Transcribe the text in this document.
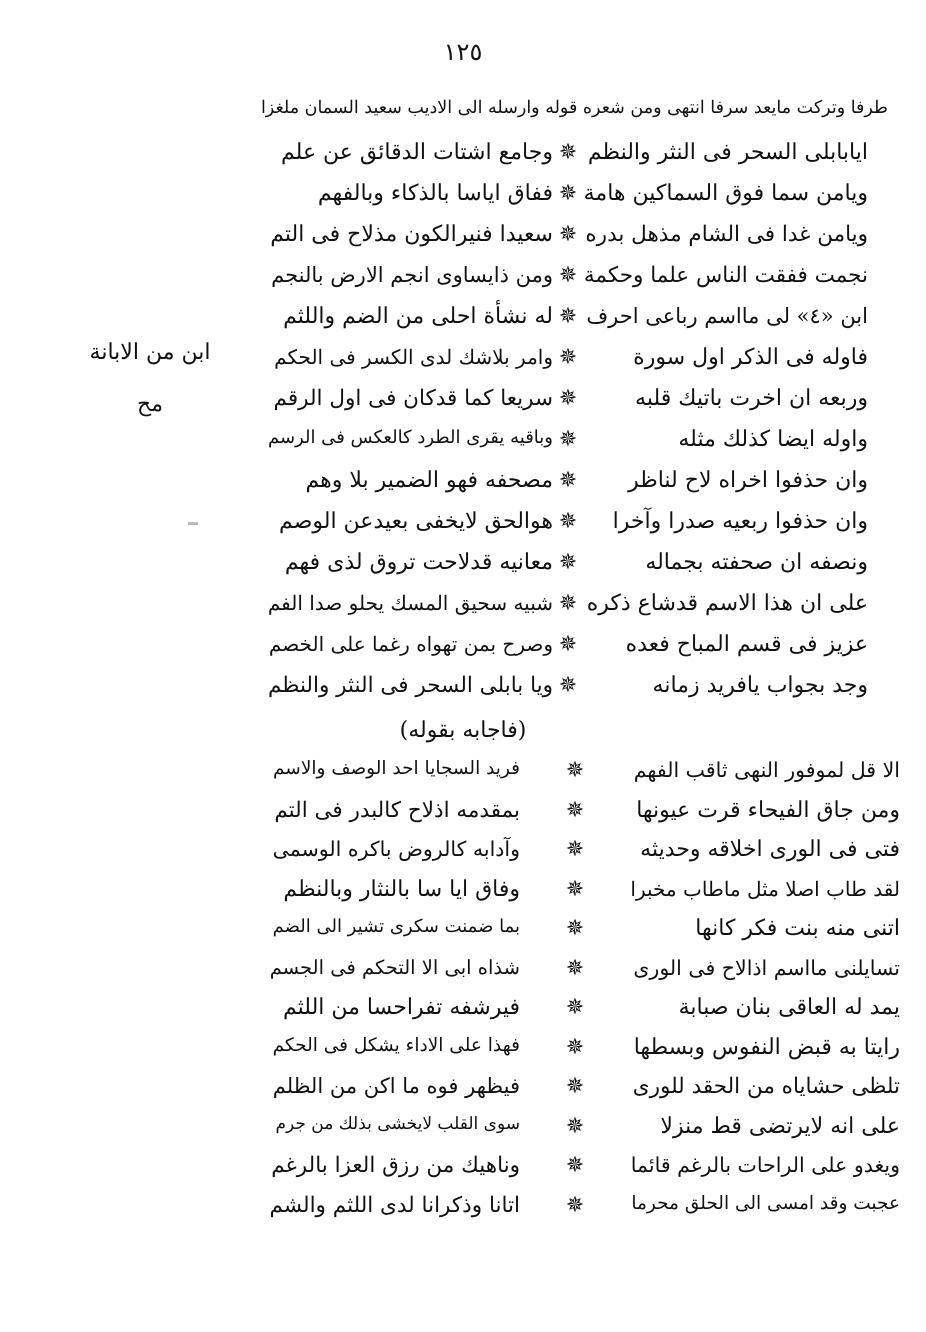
١٢٥
طرفا وتركت مايعد سرفا انتهى ومن شعره قوله وارسله الى الاديب سعيد السمان ملغزا
ابن من الابانة
مح
ايابابلى السحر فى النثر والنظم
✵
وجامع اشتات الدقائق عن علم
ويامن سما فوق السماكين هامة
✵
ففاق اياسا بالذكاء وبالفهم
ويامن غدا فى الشام مذهل بدره
✵
سعيدا فنيرالكون مذلاح فى التم
نجمت ففقت الناس علما وحكمة
✵
ومن ذايساوى انجم الارض بالنجم
ابن «٤» لى مااسم رباعى احرف
✵
له نشأة احلى من الضم واللثم
فاوله فى الذكر اول سورة
✵
وامر بلاشك لدى الكسر فى الحكم
وربعه ان اخرت باتيك قلبه
✵
سريعا كما قدكان فى اول الرقم
واوله ايضا كذلك مثله
✵
وباقيه يقرى الطرد كالعكس فى الرسم
وان حذفوا اخراه لاح لناظر
✵
مصحفه فهو الضمير بلا وهم
وان حذفوا ربعيه صدرا وآخرا
✵
هوالحق لايخفى بعيدعن الوصم
ونصفه ان صحفته بجماله
✵
معانيه قدلاحت تروق لذى فهم
على ان هذا الاسم قدشاع ذكره
✵
شبيه سحيق المسك يحلو صدا الفم
عزيز فى قسم المباح فعده
✵
وصرح بمن تهواه رغما على الخصم
وجد بجواب يافريد زمانه
✵
ويا بابلى السحر فى النثر والنظم
(فاجابه بقوله)
الا قل لموفور النهى ثاقب الفهم
✵
فريد السجايا احد الوصف والاسم
ومن جاق الفيحاء قرت عيونها
✵
بمقدمه اذلاح كالبدر فى التم
فتى فى الورى اخلاقه وحديثه
✵
وآدابه كالروض باكره الوسمى
لقد طاب اصلا مثل ماطاب مخبرا
✵
وفاق ايا سا بالنثار وبالنظم
اتنى منه بنت فكر كانها
✵
بما ضمنت سكرى تشير الى الضم
تسايلنى مااسم اذالاح فى الورى
✵
شذاه ابى الا التحكم فى الجسم
يمد له العاقى بنان صبابة
✵
فيرشفه تفراحسا من اللثم
رايتا به قبض النفوس وبسطها
✵
فهذا على الاداء يشكل فى الحكم
تلظى حشاياه من الحقد للورى
✵
فيظهر فوه ما اكن من الظلم
على انه لايرتضى قط منزلا
✵
سوى القلب لايخشى بذلك من جرم
ويغدو على الراحات بالرغم قائما
✵
وناهيك من رزق العزا بالرغم
عجبت وقد امسى الى الحلق محرما
✵
اتانا وذكرانا لدى اللثم والشم
